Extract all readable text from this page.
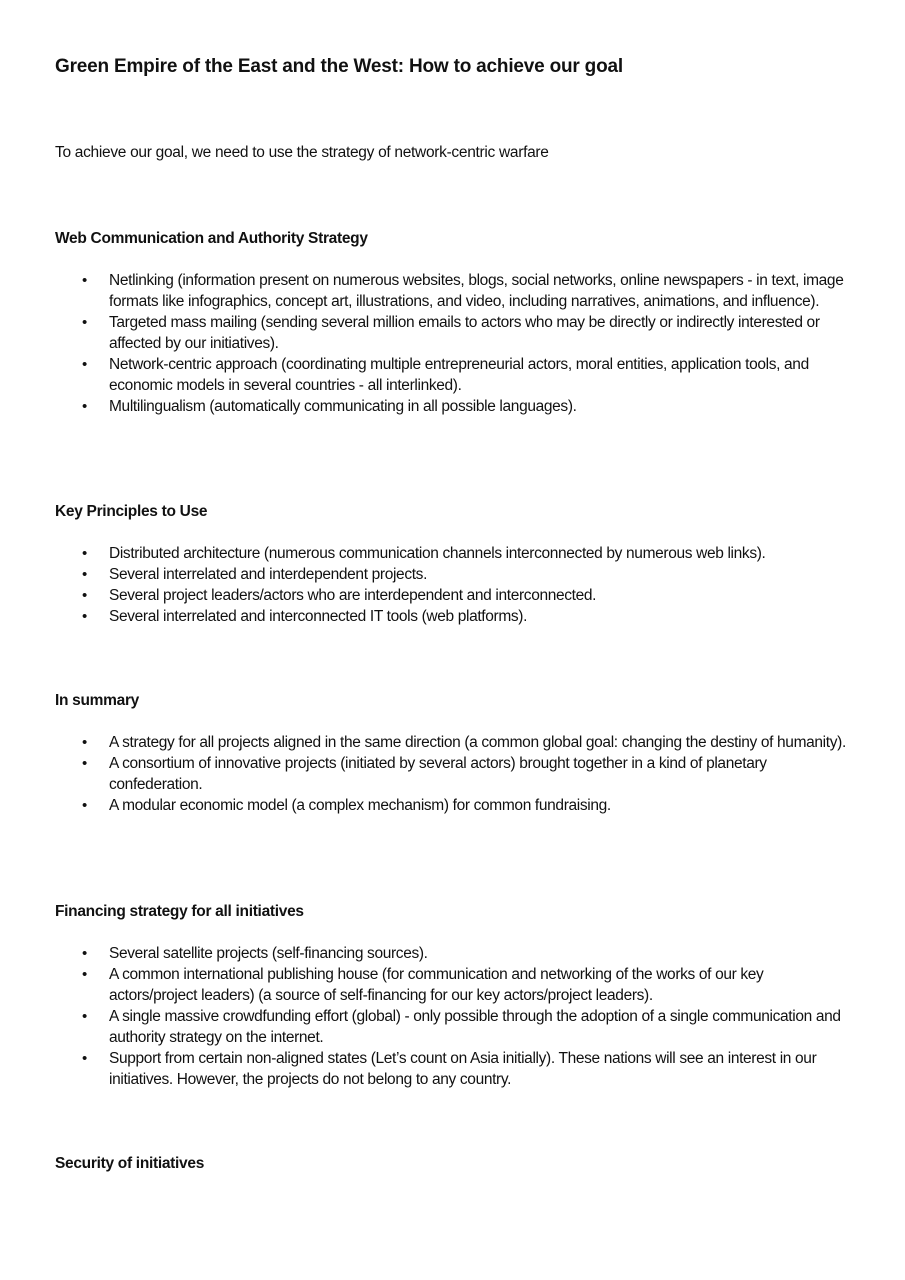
Green Empire of the East and the West: How to achieve our goal

To achieve our goal, we need to use the strategy of network-centric warfare

Web Communication and Authority Strategy
• Netlinking (information present on numerous websites, blogs, social networks, online newspapers - in text, image formats like infographics, concept art, illustrations, and video, including narratives, animations, and influence).
• Targeted mass mailing (sending several million emails to actors who may be directly or indirectly interested or affected by our initiatives).
• Network-centric approach (coordinating multiple entrepreneurial actors, moral entities, application tools, and economic models in several countries - all interlinked).
• Multilingualism (automatically communicating in all possible languages).
Key Principles to Use
• Distributed architecture (numerous communication channels interconnected by numerous web links).
• Several interrelated and interdependent projects.
• Several project leaders/actors who are interdependent and interconnected.
• Several interrelated and interconnected IT tools (web platforms).
In summary
• A strategy for all projects aligned in the same direction (a common global goal: changing the destiny of humanity).
• A consortium of innovative projects (initiated by several actors) brought together in a kind of planetary confederation.
• A modular economic model (a complex mechanism) for common fundraising.
Financing strategy for all initiatives
• Several satellite projects (self-financing sources).
• A common international publishing house (for communication and networking of the works of our key actors/project leaders) (a source of self-financing for our key actors/project leaders).
• A single massive crowdfunding effort (global) - only possible through the adoption of a single communication and authority strategy on the internet.
• Support from certain non-aligned states (Let’s count on Asia initially). These nations will see an interest in our initiatives. However, the projects do not belong to any country.
Security of initiatives
